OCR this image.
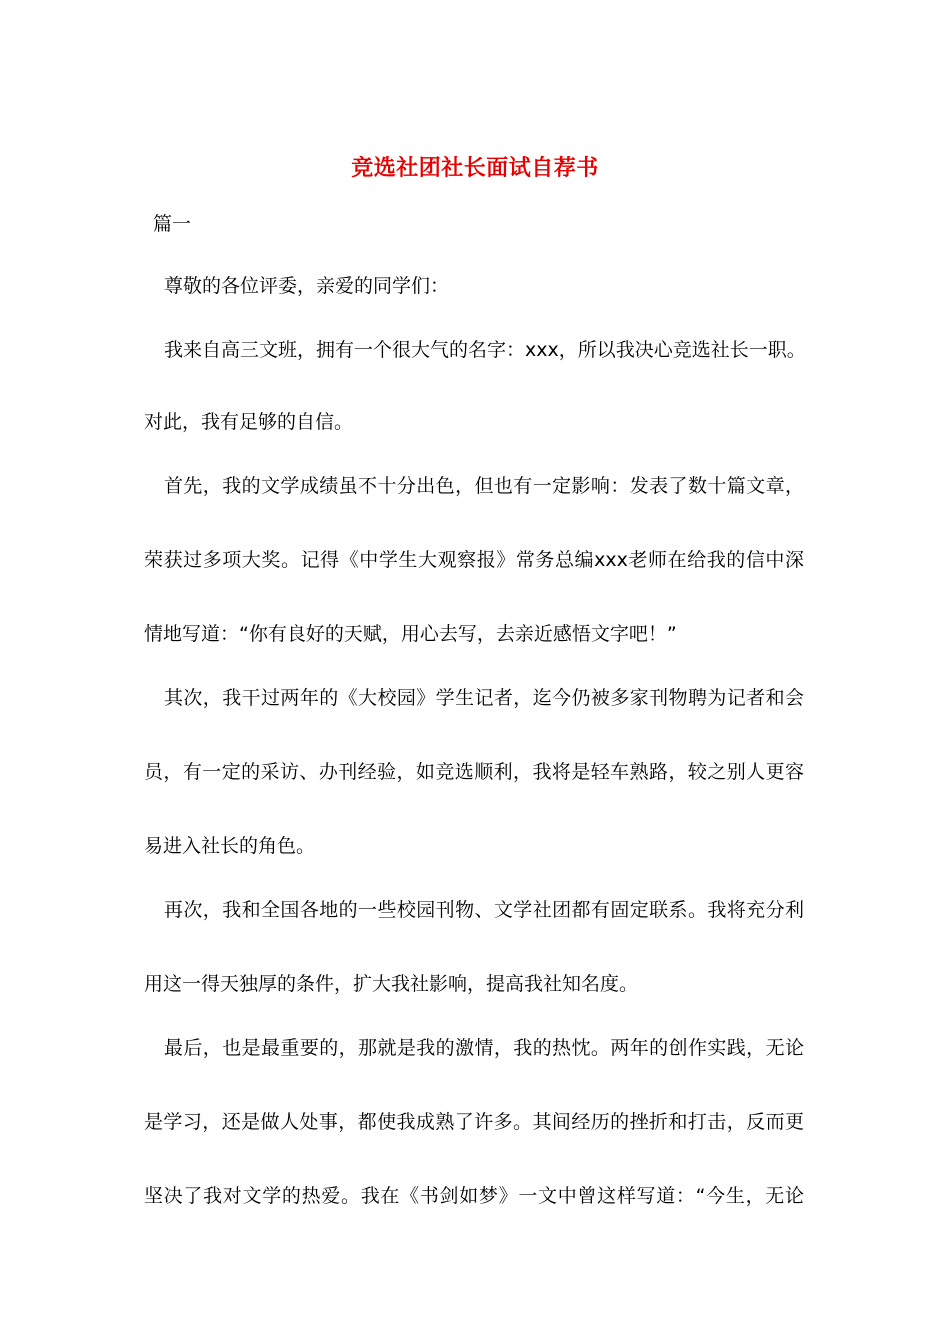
竞选社团社长面试自荐书
篇一
尊敬的各位评委，亲爱的同学们：
我来自高三文班，拥有一个很大气的名字：xxx，所以我决心竞选社长一职。
对此，我有足够的自信。
首先，我的文学成绩虽不十分出色，但也有一定影响：发表了数十篇文章，
荣获过多项大奖。记得《中学生大观察报》常务总编xxx老师在给我的信中深
情地写道：“你有良好的天赋，用心去写，去亲近感悟文字吧！”
其次，我干过两年的《大校园》学生记者，迄今仍被多家刊物聘为记者和会
员，有一定的采访、办刊经验，如竞选顺利，我将是轻车熟路，较之别人更容
易进入社长的角色。
再次，我和全国各地的一些校园刊物、文学社团都有固定联系。我将充分利
用这一得天独厚的条件，扩大我社影响，提高我社知名度。
最后，也是最重要的，那就是我的激情，我的热忱。两年的创作实践，无论
是学习，还是做人处事，都使我成熟了许多。其间经历的挫折和打击，反而更
坚决了我对文学的热爱。我在《书剑如梦》一文中曾这样写道：“今生，无论
